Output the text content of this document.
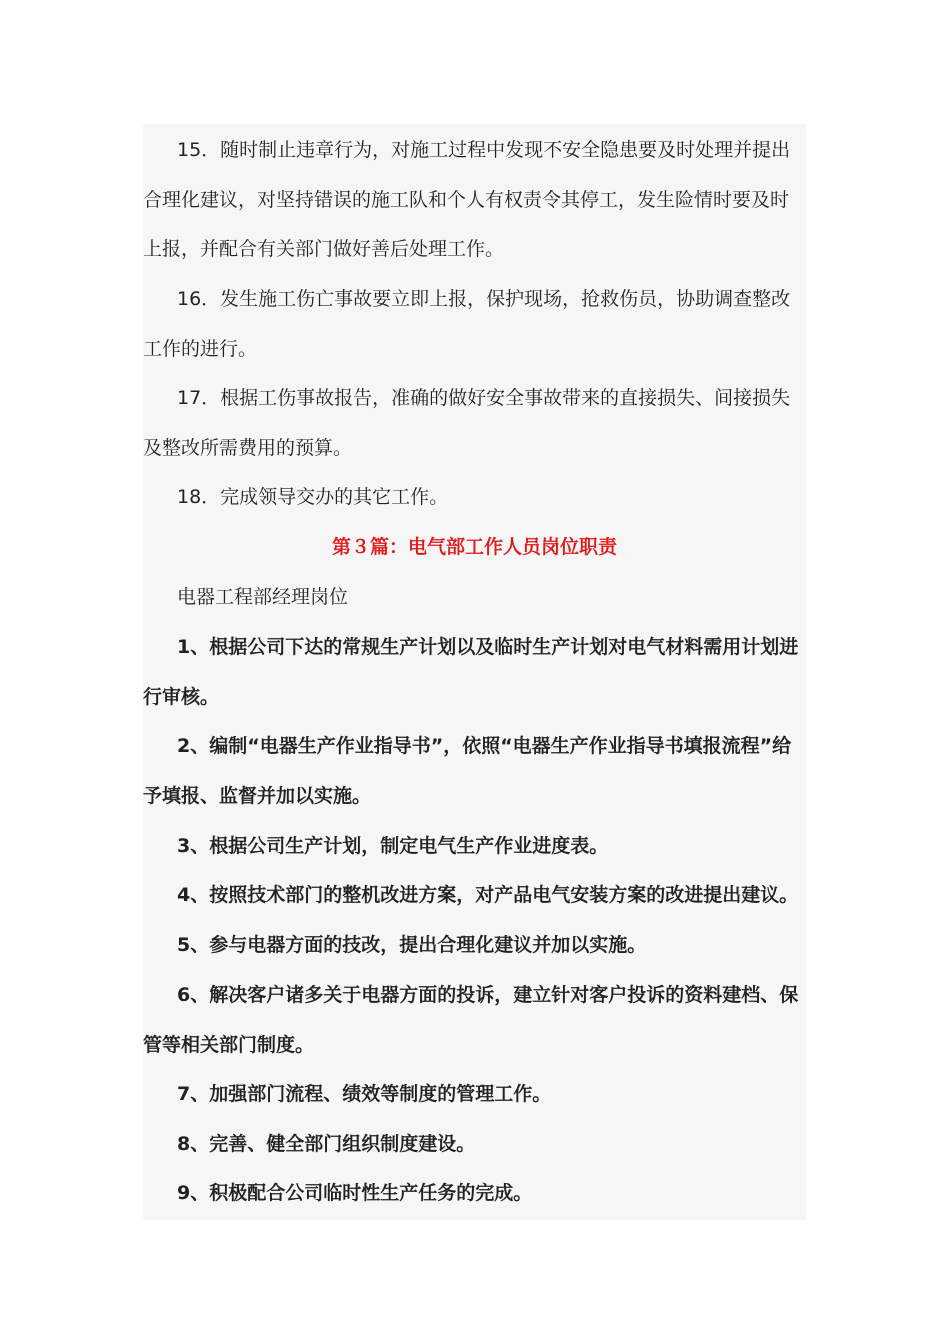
15．随时制止违章行为，对施工过程中发现不安全隐患要及时处理并提出合理化建议，对坚持错误的施工队和个人有权责令其停工，发生险情时要及时上报，并配合有关部门做好善后处理工作。

16．发生施工伤亡事故要立即上报，保护现场，抢救伤员，协助调查整改工作的进行。

17．根据工伤事故报告，准确的做好安全事故带来的直接损失、间接损失及整改所需费用的预算。

18．完成领导交办的其它工作。

第３篇：电气部工作人员岗位职责

电器工程部经理岗位

1、根据公司下达的常规生产计划以及临时生产计划对电气材料需用计划进行审核。

2、编制“电器生产作业指导书”，依照“电器生产作业指导书填报流程”给予填报、监督并加以实施。

3、根据公司生产计划，制定电气生产作业进度表。

4、按照技术部门的整机改进方案，对产品电气安装方案的改进提出建议。

5、参与电器方面的技改，提出合理化建议并加以实施。

6、解决客户诸多关于电器方面的投诉，建立针对客户投诉的资料建档、保管等相关部门制度。

7、加强部门流程、绩效等制度的管理工作。

8、完善、健全部门组织制度建设。

9、积极配合公司临时性生产任务的完成。
